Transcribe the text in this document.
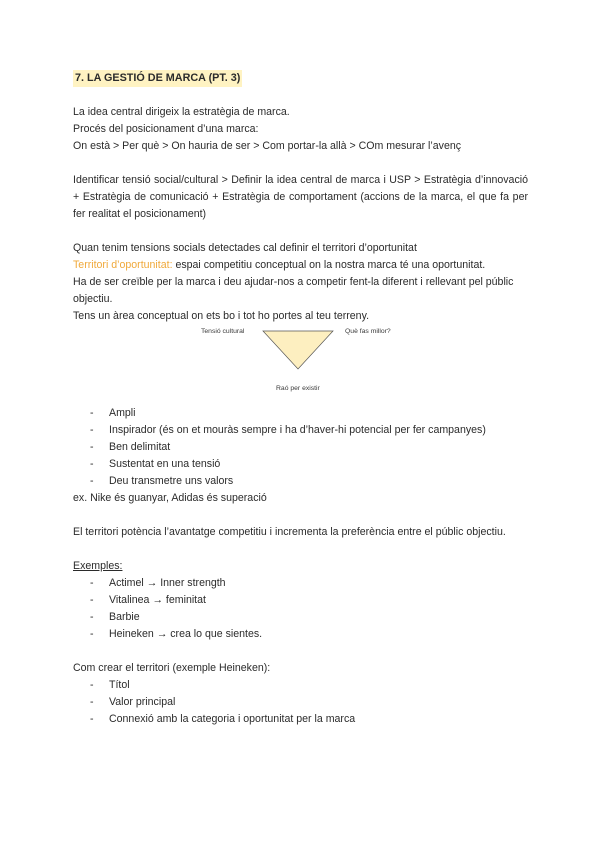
7. LA GESTIÓ DE MARCA (PT. 3)

La idea central dirigeix la estratègia de marca.

Procés del posicionament d’una marca:

On està > Per què > On hauria de ser > Com portar-la allà > COm mesurar l’avenç

Identificar tensió social/cultural > Definir la idea central de marca i USP > Estratègia d’innovació + Estratègia de comunicació + Estratègia de comportament (accions de la marca, el que fa per fer realitat el posicionament)

Quan tenim tensions socials detectades cal definir el territori d’oportunitat

Territori d’oportunitat: espai competitiu conceptual on la nostra marca té una oportunitat.

Ha de ser creïble per la marca i deu ajudar-nos a competir fent-la diferent i rellevant pel públic objectiu.

Tens un àrea conceptual on ets bo i tot ho portes al teu terreny.

Tensió cultural	Què fas millor?
Raó per existir
- Ampli
- Inspirador (és on et mouràs sempre i ha d’haver-hi potencial per fer campanyes)
- Ben delimitat
- Sustentat en una tensió
- Deu transmetre uns valors

ex. Nike és guanyar, Adidas és superació

El territori potència l’avantatge competitiu i incrementa la preferència entre el públic objectiu.

Exemples:

- Actimel → Inner strength
- Vitalinea → feminitat
- Barbie
- Heineken → crea lo que sientes.

Com crear el territori (exemple Heineken):

- Títol
- Valor principal
- Connexió amb la categoria i oportunitat per la marca
